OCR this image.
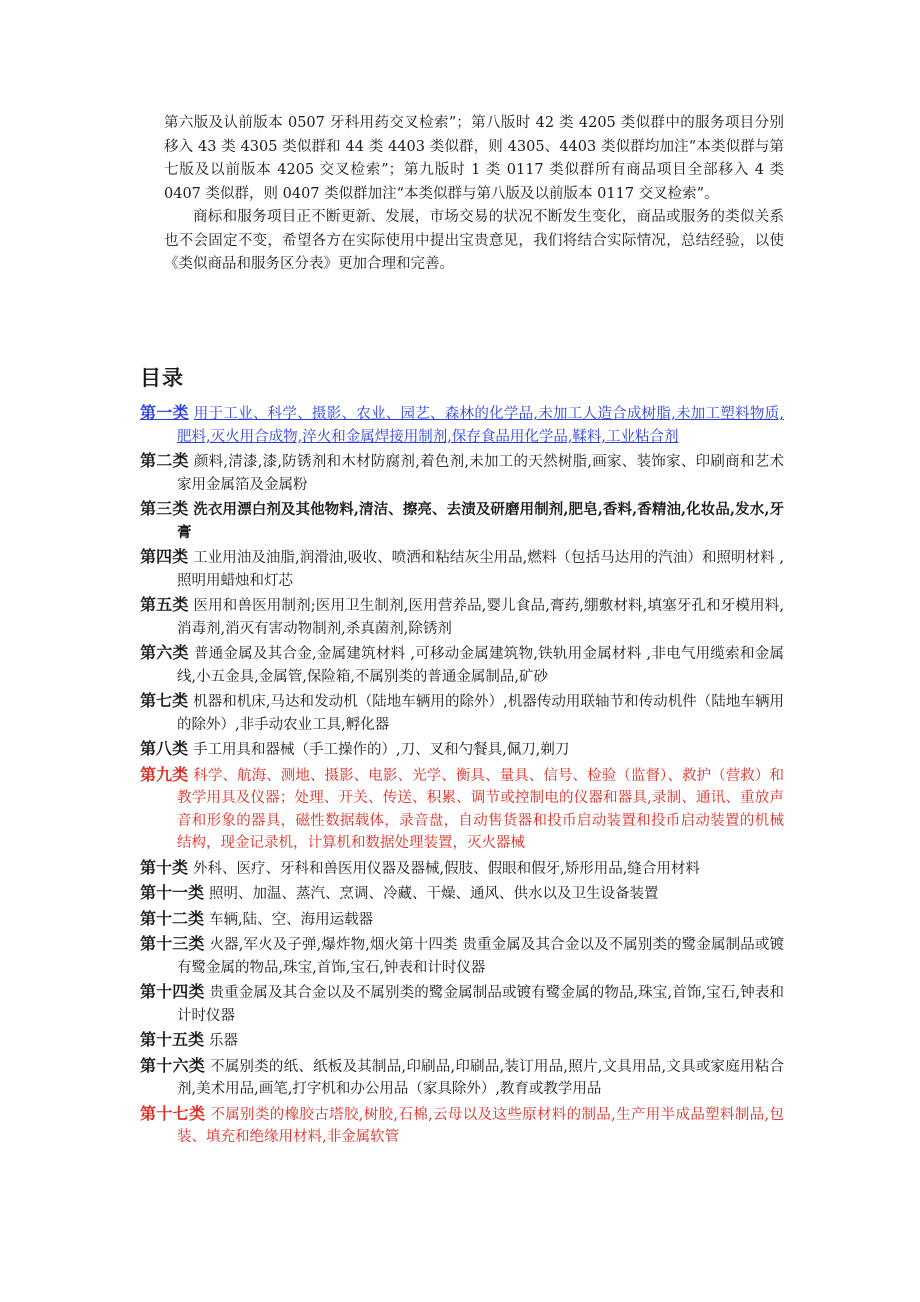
第六版及认前版本 0507 牙科用药交叉检索”；第八版时 42 类 4205 类似群中的服务项目分别移入 43 类 4305 类似群和 44 类 4403 类似群，则 4305、4403 类似群均加注“本类似群与第七版及以前版本 4205 交叉检索”；第九版时 1 类 0117 类似群所有商品项目全部移入 4 类 0407 类似群，则 0407 类似群加注“本类似群与第八版及以前版本 0117 交叉检索”。

商标和服务项目正不断更新、发展，市场交易的状况不断发生变化，商品或服务的类似关系也不会固定不变，希望各方在实际使用中提出宝贵意见，我们将结合实际情况，总结经验，以使《类似商品和服务区分表》更加合理和完善。

目录
第一类 用于工业、科学、摄影、农业、园艺、森林的化学品,未加工人造合成树脂,未加工塑料物质,肥料,灭火用合成物,淬火和金属焊接用制剂,保存食品用化学品,鞣料,工业粘合剂
第二类 颜料,清漆,漆,防锈剂和木材防腐剂,着色剂,未加工的天然树脂,画家、装饰家、印刷商和艺术家用金属箔及金属粉
第三类 洗衣用漂白剂及其他物料,清洁、擦亮、去渍及研磨用制剂,肥皂,香料,香精油,化妆品,发水,牙膏
第四类 工业用油及油脂,润滑油,吸收、喷洒和粘结灰尘用品,燃料（包括马达用的汽油）和照明材料 ,照明用蜡烛和灯芯
第五类 医用和兽医用制剂;医用卫生制剂,医用营养品,婴儿食品,膏药,绷敷材料,填塞牙孔和牙模用料,消毒剂,消灭有害动物制剂,杀真菌剂,除锈剂
第六类 普通金属及其合金,金属建筑材料 ,可移动金属建筑物,铁轨用金属材料 ,非电气用缆索和金属线,小五金具,金属管,保险箱,不属别类的普通金属制品,矿砂
第七类 机器和机床,马达和发动机（陆地车辆用的除外）,机器传动用联轴节和传动机件（陆地车辆用的除外）,非手动农业工具,孵化器
第八类 手工用具和器械（手工操作的）,刀、叉和勺餐具,佩刀,剃刀
第九类 科学、航海、测地、摄影、电影、光学、衡具、量具、信号、检验（监督）、救护（营救）和教学用具及仪器；处理、开关、传送、积累、调节或控制电的仪器和器具,录制、通讯、重放声音和形象的器具，磁性数据载体，录音盘，自动售货器和投币启动装置和投币启动装置的机械结构，现金记录机，计算机和数据处理装置，灭火器械
第十类 外科、医疗、牙科和兽医用仪器及器械,假肢、假眼和假牙,矫形用品,缝合用材料
第十一类 照明、加温、蒸汽、烹调、冷藏、干燥、通风、供水以及卫生设备装置
第十二类 车辆,陆、空、海用运载器
第十三类 火器,军火及子弹,爆炸物,烟火第十四类 贵重金属及其合金以及不属别类的鹭金属制品或镀有鹭金属的物品,珠宝,首饰,宝石,钟表和计时仪器
第十四类 贵重金属及其合金以及不属别类的鹭金属制品或镀有鹭金属的物品,珠宝,首饰,宝石,钟表和计时仪器
第十五类 乐器
第十六类 不属别类的纸、纸板及其制品,印刷品,印刷品,装订用品,照片,文具用品,文具或家庭用粘合剂,美术用品,画笔,打字机和办公用品（家具除外）,教育或教学用品
第十七类 不属别类的橡胶古塔胶,树胶,石棉,云母以及这些原材料的制品,生产用半成品塑料制品,包装、填充和绝缘用材料,非金属软管
